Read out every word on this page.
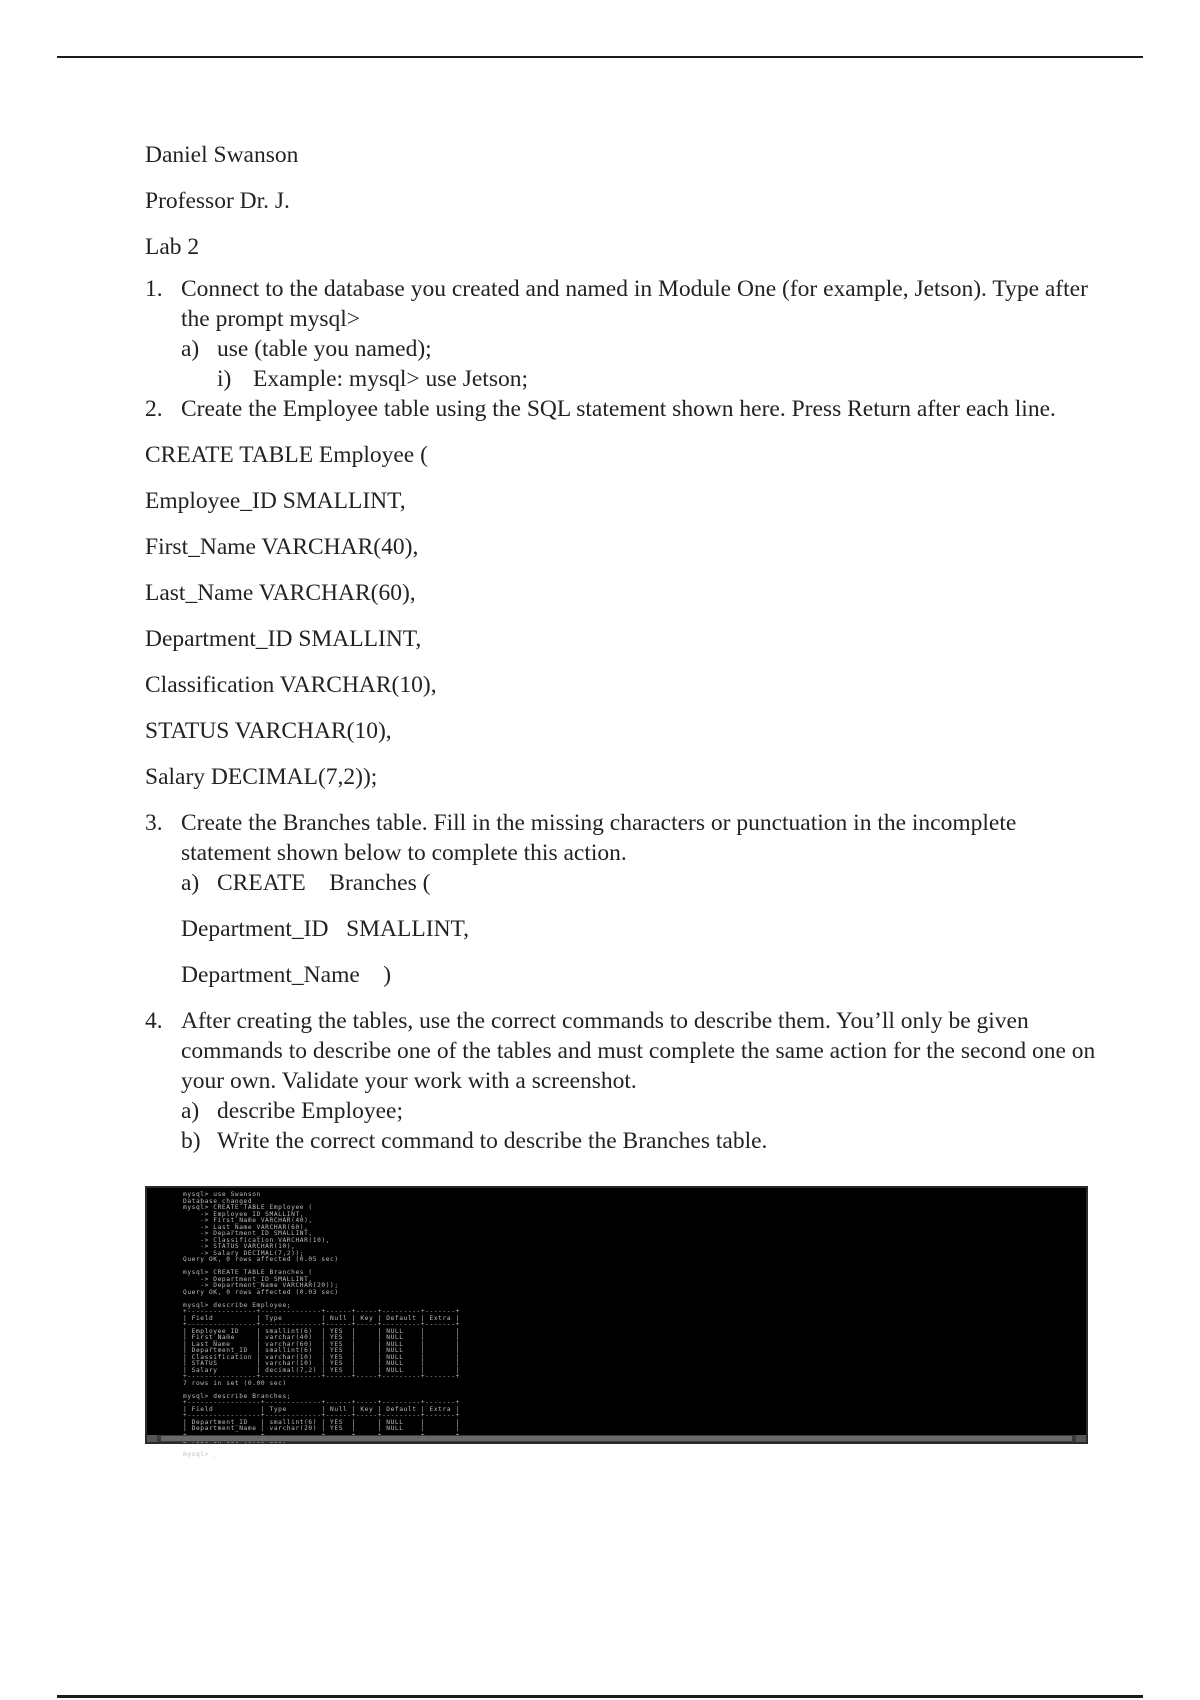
Daniel Swanson

Professor Dr. J.

Lab 2

1. Connect to the database you created and named in Module One (for example, Jetson). Type after the prompt mysql>
a) use (table you named);
i) Example: mysql> use Jetson;
2. Create the Employee table using the SQL statement shown here. Press Return after each line.

CREATE TABLE Employee (

Employee_ID SMALLINT,

First_Name VARCHAR(40),

Last_Name VARCHAR(60),

Department_ID SMALLINT,

Classification VARCHAR(10),

STATUS VARCHAR(10),

Salary DECIMAL(7,2));

3. Create the Branches table. Fill in the missing characters or punctuation in the incomplete statement shown below to complete this action.
a) CREATE    Branches (

Department_ID   SMALLINT,

Department_Name    )

4. After creating the tables, use the correct commands to describe them. You’ll only be given commands to describe one of the tables and must complete the same action for the second one on your own. Validate your work with a screenshot.
a) describe Employee;
b) Write the correct command to describe the Branches table.
mysql> use Swanson
Database changed
mysql> CREATE TABLE Employee (
-> Employee_ID SMALLINT,
-> First_Name VARCHAR(40),
-> Last_Name VARCHAR(60),
-> Department_ID SMALLINT,
-> Classification VARCHAR(10),
-> STATUS VARCHAR(10),
-> Salary DECIMAL(7,2));
Query OK, 0 rows affected (0.05 sec)

mysql> CREATE TABLE Branches (
-> Department_ID SMALLINT,
-> Department_Name VARCHAR(20));
Query OK, 0 rows affected (0.03 sec)

mysql> describe Employee;
+----------------+--------------+------+-----+---------+-------+
| Field          | Type         | Null | Key | Default | Extra |
+----------------+--------------+------+-----+---------+-------+
| Employee_ID    | smallint(6)  | YES  |     | NULL    |       |
| First_Name     | varchar(40)  | YES  |     | NULL    |       |
| Last_Name      | varchar(60)  | YES  |     | NULL    |       |
| Department_ID  | smallint(6)  | YES  |     | NULL    |       |
| Classification | varchar(10)  | YES  |     | NULL    |       |
| STATUS         | varchar(10)  | YES  |     | NULL    |       |
| Salary         | decimal(7,2) | YES  |     | NULL    |       |
+----------------+--------------+------+-----+---------+-------+
7 rows in set (0.00 sec)

mysql> describe Branches;
+-----------------+-------------+------+-----+---------+-------+
| Field           | Type        | Null | Key | Default | Extra |
+-----------------+-------------+------+-----+---------+-------+
| Department_ID   | smallint(6) | YES  |     | NULL    |       |
| Department_Name | varchar(20) | YES  |     | NULL    |       |

mysql> _
